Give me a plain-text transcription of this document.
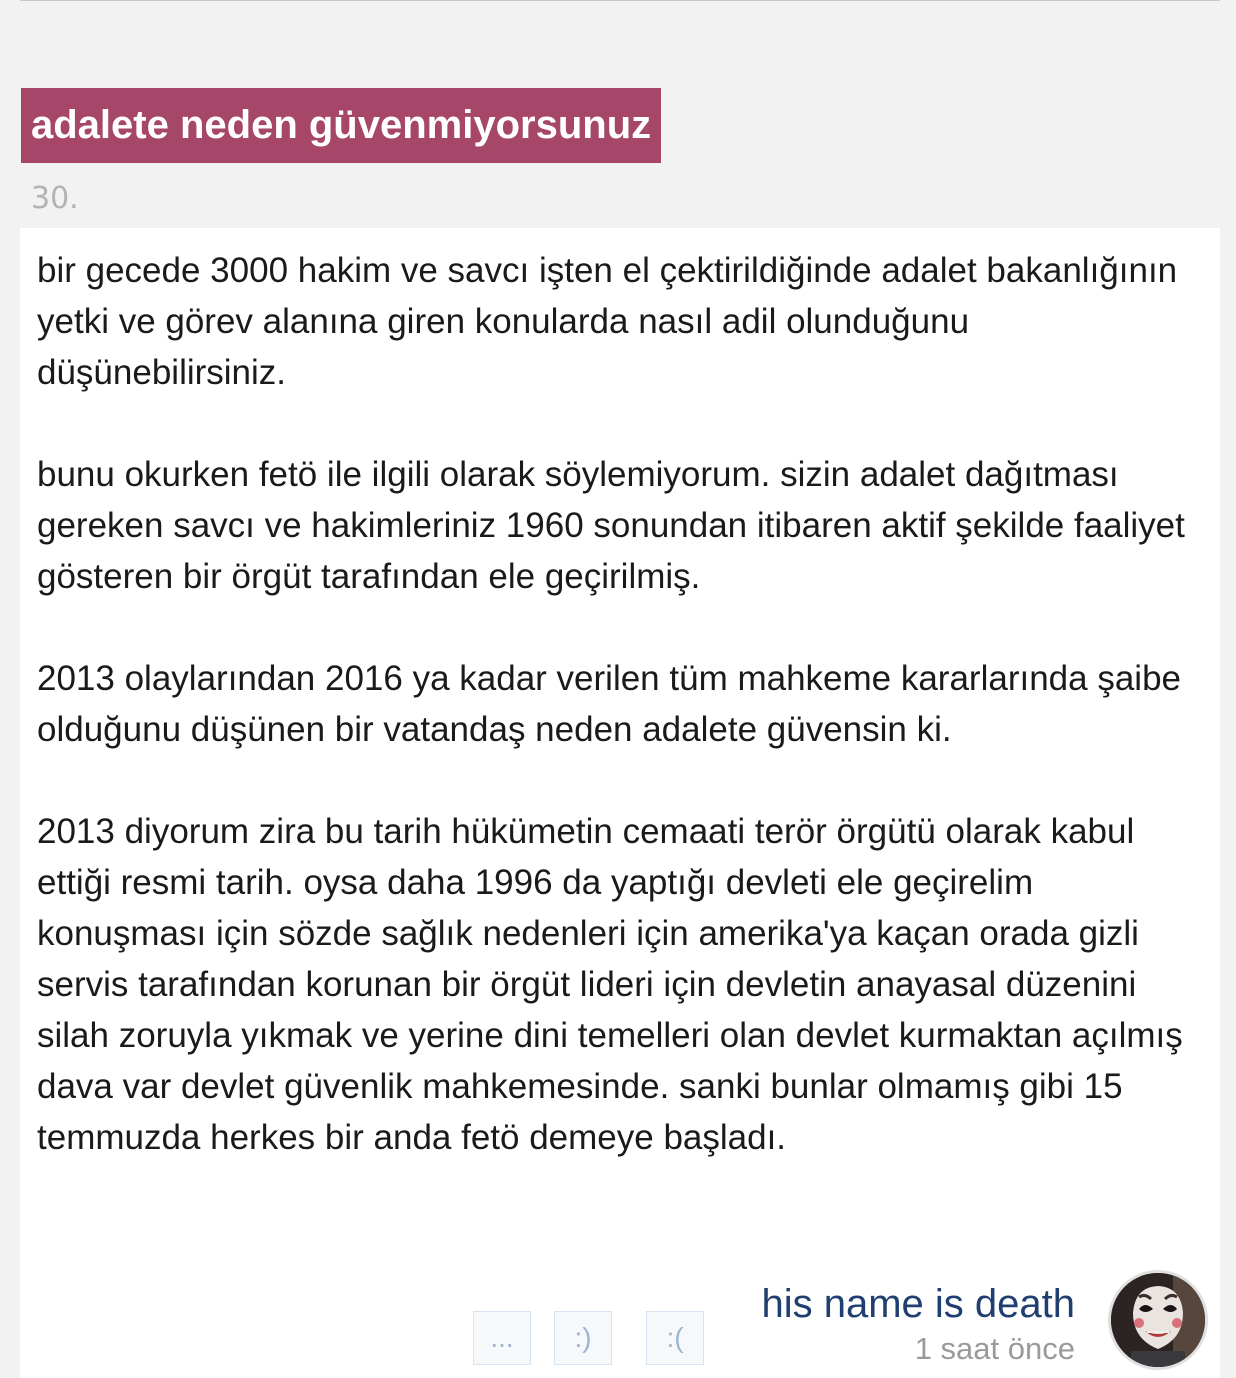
adalete neden güvenmiyorsunuz
30.

bir gecede 3000 hakim ve savcı işten el çektirildiğinde adalet bakanlığının yetki ve görev alanına giren konularda nasıl adil olunduğunu düşünebilirsiniz.

bunu okurken fetö ile ilgili olarak söylemiyorum. sizin adalet dağıtması gereken savcı ve hakimleriniz 1960 sonundan itibaren aktif şekilde faaliyet gösteren bir örgüt tarafından ele geçirilmiş.

2013 olaylarından 2016 ya kadar verilen tüm mahkeme kararlarında şaibe olduğunu düşünen bir vatandaş neden adalete güvensin ki.

2013 diyorum zira bu tarih hükümetin cemaati terör örgütü olarak kabul ettiği resmi tarih. oysa daha 1996 da yaptığı devleti ele geçirelim konuşması için sözde sağlık nedenleri için amerika'ya kaçan orada gizli servis tarafından korunan bir örgüt lideri için devletin anayasal düzenini silah zoruyla yıkmak ve yerine dini temelleri olan devlet kurmaktan açılmış dava var devlet güvenlik mahkemesinde. sanki bunlar olmamış gibi 15 temmuzda herkes bir anda fetö demeye başladı.

...	:)	:(
his name is death
1 saat önce
